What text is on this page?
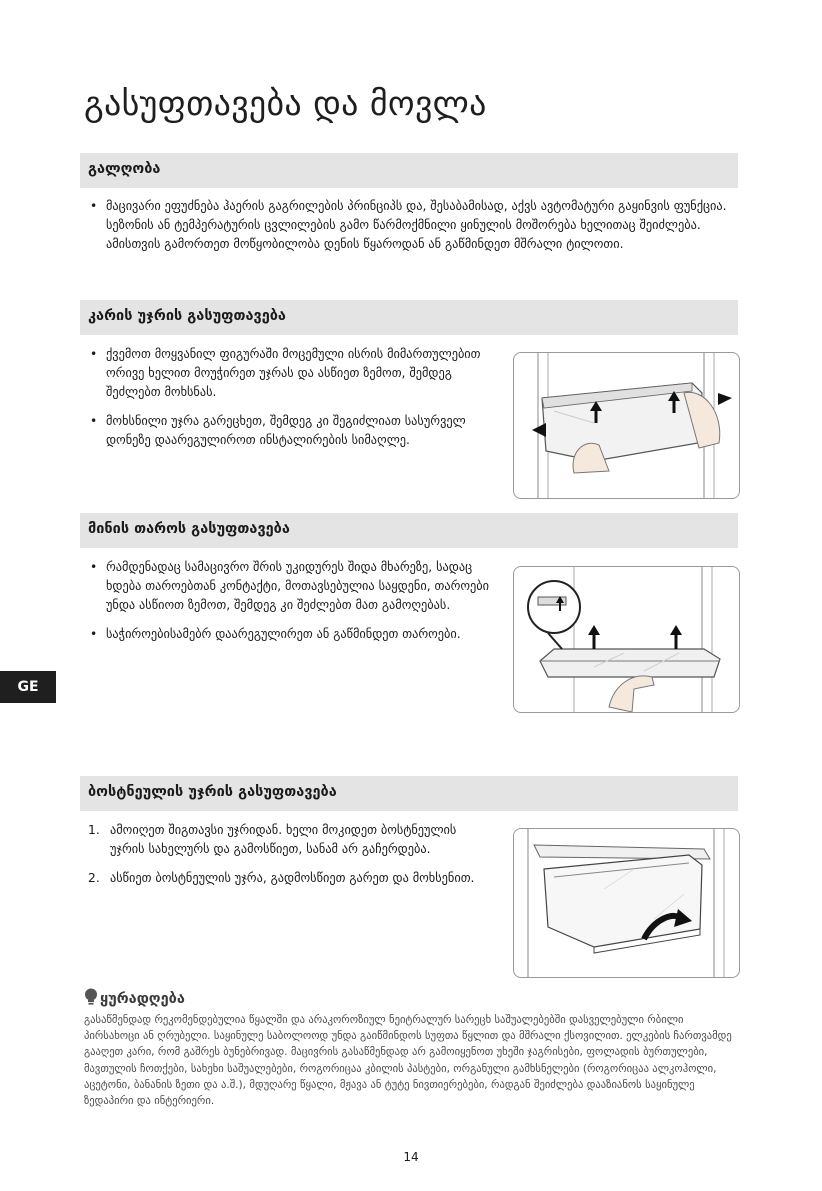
გასუფთავება და მოვლა
გალღობა
• მაცივარი ეფუძნება ჰაერის გაგრილების პრინციპს და, შესაბამისად, აქვს ავტომატური გაყინვის ფუნქცია. სეზონის ან ტემპერატურის ცვლილების გამო წარმოქმნილი ყინულის მოშორება ხელითაც შეიძლება. ამისთვის გამორთეთ მოწყობილობა დენის წყაროდან ან გაწმინდეთ მშრალი ტილოთი.
კარის უჯრის გასუფთავება
• ქვემოთ მოყვანილ ფიგურაში მოცემული ისრის მიმართულებით ორივე ხელით მოუჭირეთ უჯრას და ასწიეთ ზემოთ, შემდეგ შეძლებთ მოხსნას.
• მოხსნილი უჯრა გარეცხეთ, შემდეგ კი შეგიძლიათ სასურველ დონეზე დაარეგულიროთ ინსტალირების სიმაღლე.
მინის თაროს გასუფთავება
• რამდენადაც სამაცივრო შრის უკიდურეს შიდა მხარეზე, სადაც ხდება თაროებთან კონტაქტი, მოთავსებულია საყდენი, თაროები უნდა ასწიოთ ზემოთ, შემდეგ კი შეძლებთ მათ გამოღებას.
• საჭიროებისამებრ დაარეგულირეთ ან გაწმინდეთ თაროები.
GE
ბოსტნეულის უჯრის გასუფთავება
1. ამოიღეთ შიგთავსი უჯრიდან. ხელი მოკიდეთ ბოსტნეულის უჯრის სახელურს და გამოსწიეთ, სანამ არ გაჩერდება.
2. ასწიეთ ბოსტნეულის უჯრა, გადმოსწიეთ გარეთ და მოხსენით.
ყურადღება

გასაწმენდად რეკომენდებულია წყალში და არაკოროზიულ ნეიტრალურ სარეცხ საშუალებებში დასველებული რბილი პირსახოცი ან ღრუბელი. საყინულე საბოლოოდ უნდა გაიწმინდოს სუფთა წყლით და მშრალი ქსოვილით. ელკების ჩართვამდე გააღეთ კარი, რომ გაშრეს ბუნებრივად. მაცივრის გასაწმენდად არ გამოიყენოთ უხეში ჯაგრისები, ფოლადის ბურთულები, მავთულის ჩოთქები, სახეხი საშუალებები, როგორიცაა კბილის პასტები, ორგანული გამხსნელები (როგორიცაა ალკოჰოლი, აცეტონი, ბანანის ზეთი და ა.შ.), მდუღარე წყალი, მჟავა ან ტუტე ნივთიერებები, რადგან შეიძლება დააზიანოს საყინულე ზედაპირი და ინტერიერი.

14
